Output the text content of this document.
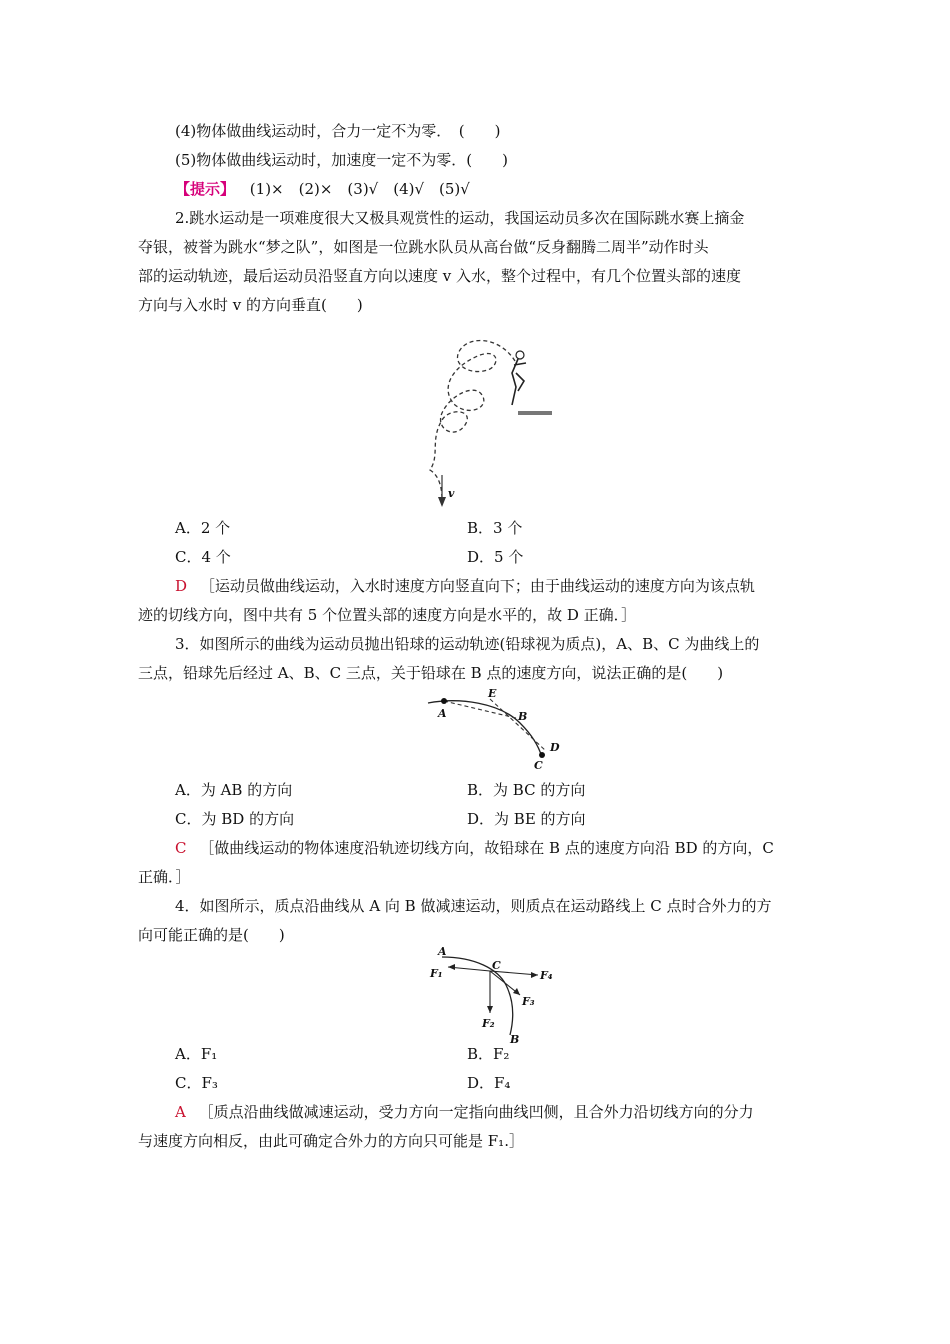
(4)物体做曲线运动时，合力一定不为零．　(　　)
(5)物体做曲线运动时，加速度一定不为零．(　　)
【提示】 (1)×　(2)×　(3)√　(4)√　(5)√
2.跳水运动是一项难度很大又极具观赏性的运动，我国运动员多次在国际跳水赛上摘金
夺银，被誉为跳水“梦之队”，如图是一位跳水队员从高台做“反身翻腾二周半”动作时头
部的运动轨迹，最后运动员沿竖直方向以速度 v 入水，整个过程中，有几个位置头部的速度
方向与入水时 v 的方向垂直(　　)
v
A．2 个	B．3 个
C．4 个	D．5 个
D ［运动员做曲线运动，入水时速度方向竖直向下；由于曲线运动的速度方向为该点轨
迹的切线方向，图中共有 5 个位置头部的速度方向是水平的，故 D 正确．］
3．如图所示的曲线为运动员抛出铅球的运动轨迹(铅球视为质点)，A、B、C 为曲线上的
三点，铅球先后经过 A、B、C 三点，关于铅球在 B 点的速度方向，说法正确的是(　　)
A	B
C
D
E
A．为 AB 的方向	B．为 BC 的方向
C．为 BD 的方向	D．为 BE 的方向
C ［做曲线运动的物体速度沿轨迹切线方向，故铅球在 B 点的速度方向沿 BD 的方向，C
正确．］
4．如图所示，质点沿曲线从 A 向 B 做减速运动，则质点在运动路线上 C 点时合外力的方
向可能正确的是(　　)
A
B
C
F₁
F₂
F₃
F₄
A．F₁	B．F₂
C．F₃	D．F₄
A ［质点沿曲线做减速运动，受力方向一定指向曲线凹侧，且合外力沿切线方向的分力
与速度方向相反，由此可确定合外力的方向只可能是 F₁.］
